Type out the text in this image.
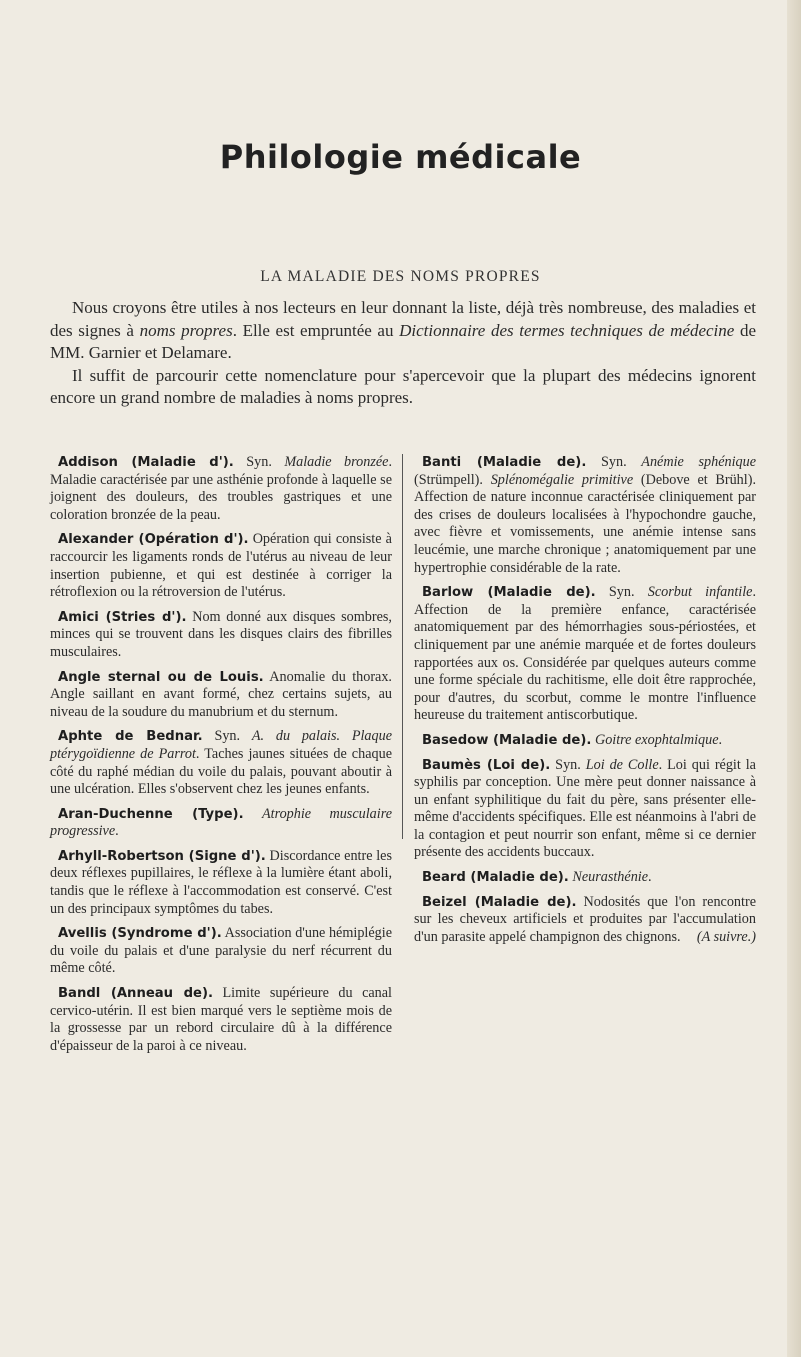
Philologie médicale
LA MALADIE DES NOMS PROPRES

Nous croyons être utiles à nos lecteurs en leur donnant la liste, déjà très nombreuse, des maladies et des signes à noms propres. Elle est empruntée au Dictionnaire des termes techniques de médecine de MM. Garnier et Delamare.

Il suffit de parcourir cette nomenclature pour s'apercevoir que la plupart des médecins ignorent encore un grand nombre de maladies à noms propres.

Addison (Maladie d'). Syn. Maladie bronzée. Maladie caractérisée par une asthénie profonde à laquelle se joignent des douleurs, des troubles gastriques et une coloration bronzée de la peau.

Alexander (Opération d'). Opération qui consiste à raccourcir les ligaments ronds de l'utérus au niveau de leur insertion pubienne, et qui est destinée à corriger la rétroflexion ou la rétroversion de l'utérus.

Amici (Stries d'). Nom donné aux disques sombres, minces qui se trouvent dans les disques clairs des fibrilles musculaires.

Angle sternal ou de Louis. Anomalie du thorax. Angle saillant en avant formé, chez certains sujets, au niveau de la soudure du manubrium et du sternum.

Aphte de Bednar. Syn. A. du palais. Plaque ptérygoïdienne de Parrot. Taches jaunes situées de chaque côté du raphé médian du voile du palais, pouvant aboutir à une ulcération. Elles s'observent chez les jeunes enfants.

Aran-Duchenne (Type). Atrophie musculaire progressive.

Arhyll-Robertson (Signe d'). Discordance entre les deux réflexes pupillaires, le réflexe à la lumière étant aboli, tandis que le réflexe à l'accommodation est conservé. C'est un des principaux symptômes du tabes.

Avellis (Syndrome d'). Association d'une hémiplégie du voile du palais et d'une paralysie du nerf récurrent du même côté.

Bandl (Anneau de). Limite supérieure du canal cervico-utérin. Il est bien marqué vers le septième mois de la grossesse par un rebord circulaire dû à la différence d'épaisseur de la paroi à ce niveau.

Banti (Maladie de). Syn. Anémie sphénique (Strümpell). Splénomégalie primitive (Debove et Brühl). Affection de nature inconnue caractérisée cliniquement par des crises de douleurs localisées à l'hypochondre gauche, avec fièvre et vomissements, une anémie intense sans leucémie, une marche chronique ; anatomiquement par une hypertrophie considérable de la rate.

Barlow (Maladie de). Syn. Scorbut infantile. Affection de la première enfance, caractérisée anatomiquement par des hémorrhagies sous-périostées, et cliniquement par une anémie marquée et de fortes douleurs rapportées aux os. Considérée par quelques auteurs comme une forme spéciale du rachitisme, elle doit être rapprochée, pour d'autres, du scorbut, comme le montre l'influence heureuse du traitement antiscorbutique.

Basedow (Maladie de). Goitre exophtalmique.

Baumès (Loi de). Syn. Loi de Colle. Loi qui régit la syphilis par conception. Une mère peut donner naissance à un enfant syphilitique du fait du père, sans présenter elle-même d'accidents spécifiques. Elle est néanmoins à l'abri de la contagion et peut nourrir son enfant, même si ce dernier présente des accidents buccaux.

Beard (Maladie de). Neurasthénie.

Beizel (Maladie de). Nodosités que l'on rencontre sur les cheveux artificiels et produites par l'accumulation d'un parasite appelé champignon des chignons.	(A suivre.)
